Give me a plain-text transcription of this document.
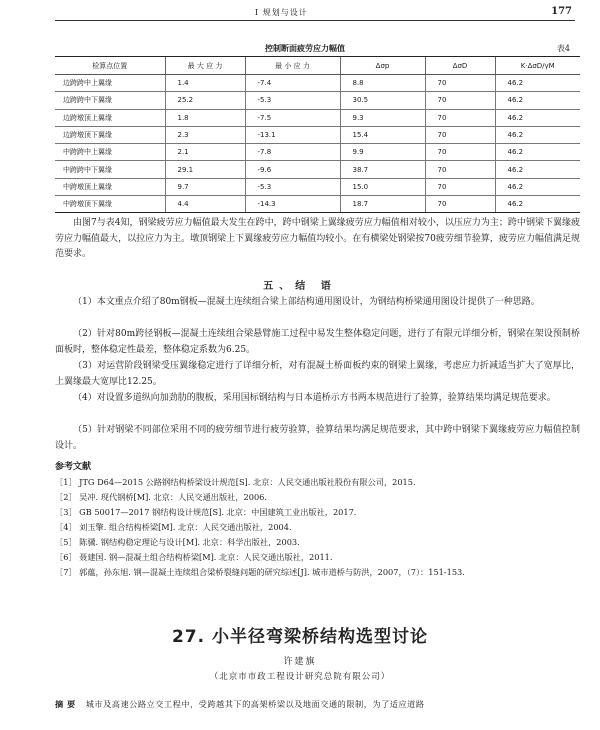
Ⅰ 规划与设计	177
控制断面疲劳应力幅值	表4
检算点位置	最 大 应 力	最 小 应 力	Δσp	ΔσD	K·ΔσD/γM
边跨跨中上翼缘	1.4	-7.4	8.8	70	46.2
边跨跨中下翼缘	25.2	-5.3	30.5	70	46.2
边跨墩顶上翼缘	1.8	-7.5	9.3	70	46.2
边跨墩顶下翼缘	2.3	-13.1	15.4	70	46.2
中跨跨中上翼缘	2.1	-7.8	9.9	70	46.2
中跨跨中下翼缘	29.1	-9.6	38.7	70	46.2
中跨墩顶上翼缘	9.7	-5.3	15.0	70	46.2
中跨墩顶下翼缘	4.4	-14.3	18.7	70	46.2
由图7与表4知，钢梁疲劳应力幅值最大发生在跨中，跨中钢梁上翼缘疲劳应力幅值相对较小，以压应力为主；跨中钢梁下翼缘疲劳应力幅值最大，以拉应力为主。墩顶钢梁上下翼缘疲劳应力幅值均较小。在有横梁处钢梁按70疲劳细节验算，疲劳应力幅值满足规范要求。
五、结 语
（1）本文重点介绍了80m钢板—混凝土连续组合梁上部结构通用图设计，为钢结构桥梁通用图设计提供了一种思路。
（2）针对80m跨径钢板—混凝土连续组合梁悬臂施工过程中易发生整体稳定问题，进行了有限元详细分析，钢梁在架设预制桥面板时，整体稳定性最差，整体稳定系数为6.25。
（3）对运营阶段钢梁受压翼缘稳定进行了详细分析，对有混凝土桥面板约束的钢梁上翼缘，考虑应力折减适当扩大了宽厚比，上翼缘最大宽厚比12.25。
（4）对设置多道纵向加劲肋的腹板，采用国标钢结构与日本道桥示方书两本规范进行了验算，验算结果均满足规范要求。
（5）针对钢梁不同部位采用不同的疲劳细节进行疲劳验算，验算结果均满足规范要求，其中跨中钢梁下翼缘疲劳应力幅值控制设计。
参考文献
［1］ JTG D64—2015 公路钢结构桥梁设计规范[S]. 北京：人民交通出版社股份有限公司，2015.
［2］ 吴冲. 现代钢桥[M]. 北京：人民交通出版社，2006.
［3］ GB 50017—2017 钢结构设计规范[S]. 北京：中国建筑工业出版社，2017.
［4］ 刘玉擎. 组合结构桥梁[M]. 北京：人民交通出版社，2004.
［5］ 陈骥. 钢结构稳定理论与设计[M]. 北京：科学出版社，2003.
［6］ 聂建国. 钢—混凝土组合结构桥梁[M]. 北京：人民交通出版社，2011.
［7］ 郭蕴，孙东旭. 钢—混凝土连续组合梁桥裂缝问题的研究综述[J]. 城市道桥与防洪，2007，（7）：151-153.
27. 小半径弯梁桥结构选型讨论
许建旗
（北京市市政工程设计研究总院有限公司）
摘 要 城市及高速公路立交工程中，受跨越其下的高架桥梁以及地面交通的限制，为了适应道路
